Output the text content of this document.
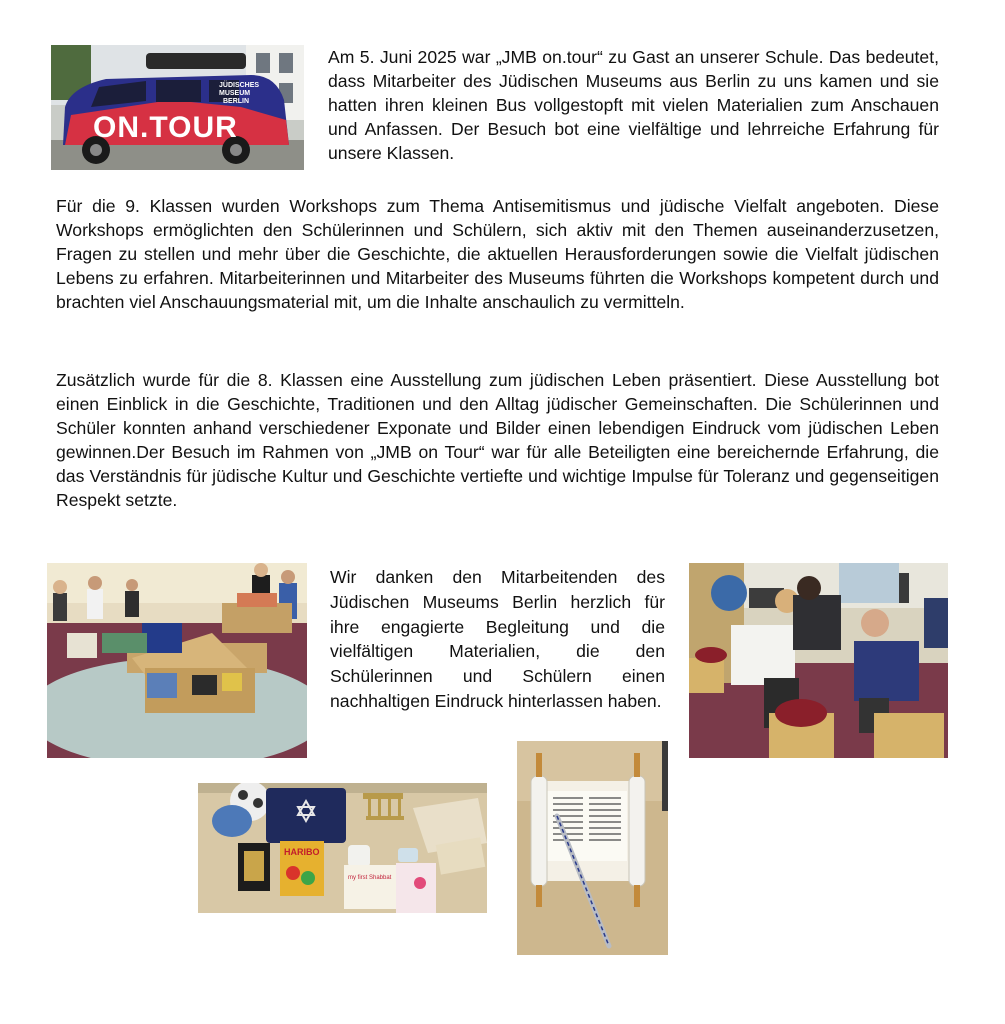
JÜDISCHES
MUSEUM
BERLIN
ON.TOUR
Am 5. Juni 2025 war „JMB on.tour“ zu Gast an unserer Schule. Das bedeutet, dass Mitarbeiter des Jüdischen Museums aus Berlin zu uns kamen und sie hatten ihren kleinen Bus vollgestopft mit vielen Materialien zum Anschauen und Anfassen. Der Besuch bot eine vielfältige und lehrreiche Erfahrung für unsere Klassen.
Für die 9. Klassen wurden Workshops zum Thema Antisemitismus und jüdische Vielfalt angeboten. Diese Workshops ermöglichten den Schülerinnen und Schülern, sich aktiv mit den Themen auseinanderzusetzen, Fragen zu stellen und mehr über die Geschichte, die aktuellen Herausforderungen sowie die Vielfalt jüdischen Lebens zu erfahren. Mitarbeiterinnen und Mitarbeiter des Museums führten die Workshops kompetent durch und brachten viel Anschauungsmaterial mit, um die Inhalte anschaulich zu vermitteln.
Zusätzlich wurde für die 8. Klassen eine Ausstellung zum jüdischen Leben präsentiert. Diese Ausstellung bot einen Einblick in die Geschichte, Traditionen und den Alltag jüdischer Gemeinschaften. Die Schülerinnen und Schüler konnten anhand verschiedener Exponate und Bilder einen lebendigen Eindruck vom jüdischen Leben gewinnen.Der Besuch im Rahmen von „JMB on Tour“ war für alle Beteiligten eine bereichernde Erfahrung, die das Verständnis für jüdische Kultur und Geschichte vertiefte und wichtige Impulse für Toleranz und gegenseitigen Respekt setzte.
Wir danken den Mitarbeitenden des Jüdischen Museums Berlin herzlich für ihre engagierte Begleitung und die vielfältigen Materialien, die den Schülerinnen und Schülern einen nachhaltigen Eindruck hinterlassen haben.
HARIBO
my first Shabbat
